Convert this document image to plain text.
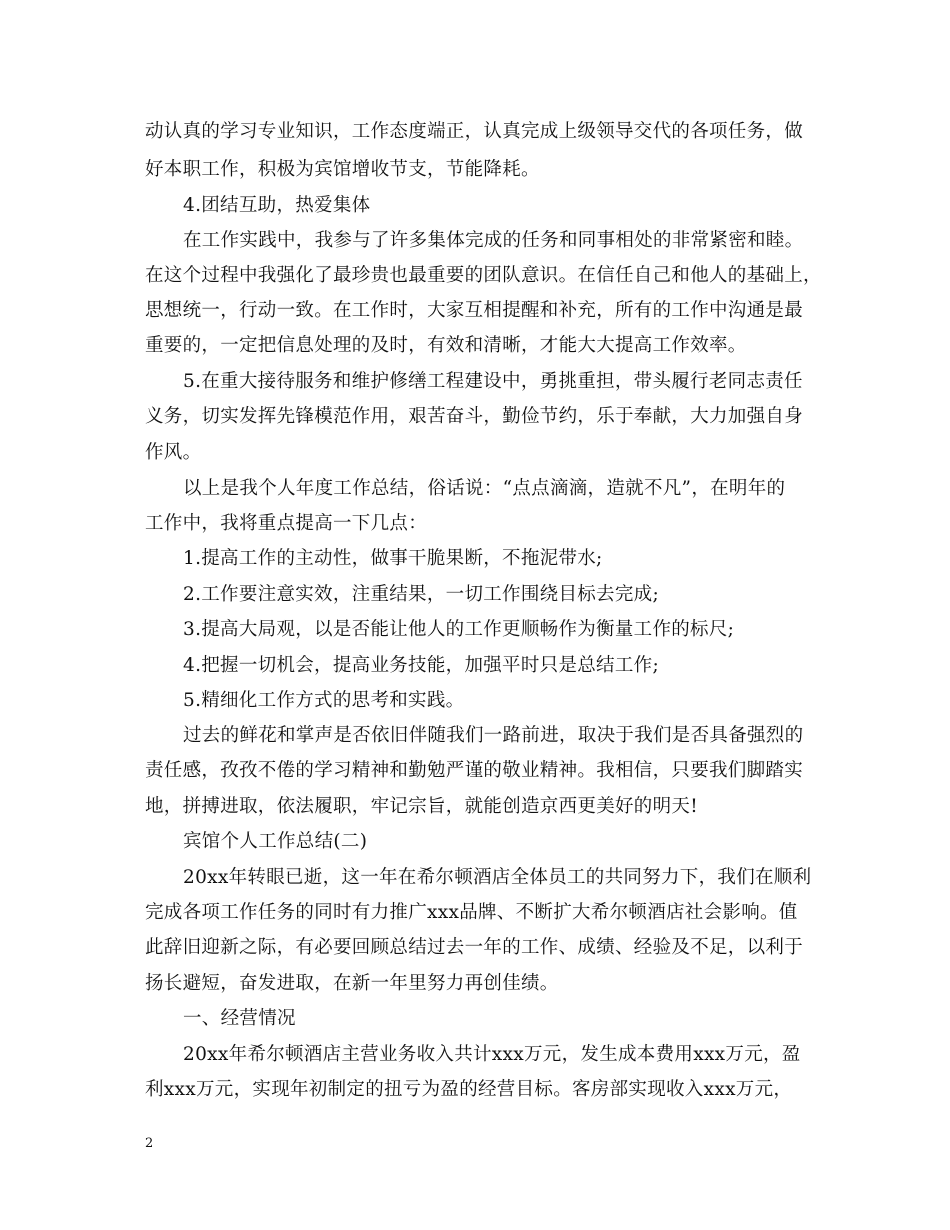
动认真的学习专业知识，工作态度端正，认真完成上级领导交代的各项任务，做
好本职工作，积极为宾馆增收节支，节能降耗。
4.团结互助，热爱集体
在工作实践中，我参与了许多集体完成的任务和同事相处的非常紧密和睦。
在这个过程中我强化了最珍贵也最重要的团队意识。在信任自己和他人的基础上，
思想统一，行动一致。在工作时，大家互相提醒和补充，所有的工作中沟通是最
重要的，一定把信息处理的及时，有效和清晰，才能大大提高工作效率。
5.在重大接待服务和维护修缮工程建设中，勇挑重担，带头履行老同志责任
义务，切实发挥先锋模范作用，艰苦奋斗，勤俭节约，乐于奉献，大力加强自身
作风。
以上是我个人年度工作总结，俗话说：“点点滴滴，造就不凡”，在明年的
工作中，我将重点提高一下几点：
1.提高工作的主动性，做事干脆果断，不拖泥带水;
2.工作要注意实效，注重结果，一切工作围绕目标去完成;
3.提高大局观，以是否能让他人的工作更顺畅作为衡量工作的标尺;
4.把握一切机会，提高业务技能，加强平时只是总结工作;
5.精细化工作方式的思考和实践。
过去的鲜花和掌声是否依旧伴随我们一路前进，取决于我们是否具备强烈的
责任感，孜孜不倦的学习精神和勤勉严谨的敬业精神。我相信，只要我们脚踏实
地，拼搏进取，依法履职，牢记宗旨，就能创造京西更美好的明天!
宾馆个人工作总结(二)
20xx年转眼已逝，这一年在希尔顿酒店全体员工的共同努力下，我们在顺利
完成各项工作任务的同时有力推广xxx品牌、不断扩大希尔顿酒店社会影响。值
此辞旧迎新之际，有必要回顾总结过去一年的工作、成绩、经验及不足，以利于
扬长避短，奋发进取，在新一年里努力再创佳绩。
一、经营情况
20xx年希尔顿酒店主营业务收入共计xxx万元，发生成本费用xxx万元，盈
利xxx万元，实现年初制定的扭亏为盈的经营目标。客房部实现收入xxx万元，
2
